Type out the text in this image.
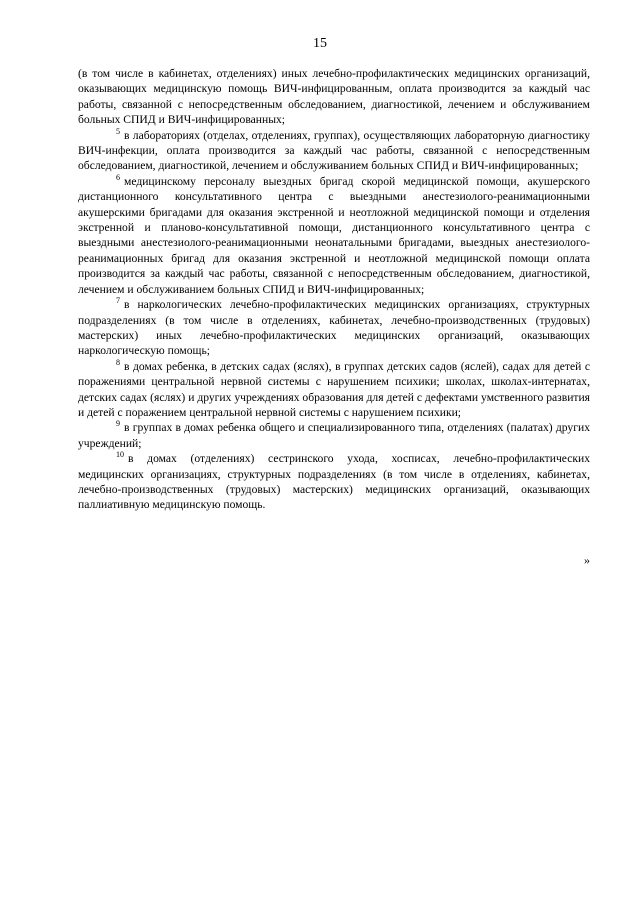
15

(в том числе в кабинетах, отделениях) иных лечебно-профилактических медицинских организаций, оказывающих медицинскую помощь ВИЧ-инфицированным, оплата производится за каждый час работы, связанной с непосредственным обследованием, диагностикой, лечением и обслуживанием больных СПИД и ВИЧ-инфицированных;

$^5$ в лабораториях (отделах, отделениях, группах), осуществляющих лабораторную диагностику ВИЧ-инфекции, оплата производится за каждый час работы, связанной с непосредственным обследованием, диагностикой, лечением и обслуживанием больных СПИД и ВИЧ-инфицированных;

$^6$ медицинскому персоналу выездных бригад скорой медицинской помощи, акушерского дистанционного консультативного центра с выездными анестезиолого-реанимационными акушерскими бригадами для оказания экстренной и неотложной медицинской помощи и отделения экстренной и планово-консультативной помощи, дистанционного консультативного центра с выездными анестезиолого-реанимационными неонатальными бригадами, выездных анестезиолого-реанимационных бригад для оказания экстренной и неотложной медицинской помощи оплата производится за каждый час работы, связанной с непосредственным обследованием, диагностикой, лечением и обслуживанием больных СПИД и ВИЧ-инфицированных;

$^7$ в наркологических лечебно-профилактических медицинских организациях, структурных подразделениях (в том числе в отделениях, кабинетах, лечебно-производственных (трудовых) мастерских) иных лечебно-профилактических медицинских организаций, оказывающих наркологическую помощь;

$^8$ в домах ребенка, в детских садах (яслях), в группах детских садов (яслей), садах для детей с поражениями центральной нервной системы с нарушением психики; школах, школах-интернатах, детских садах (яслях) и других учреждениях образования для детей с дефектами умственного развития и детей с поражением центральной нервной системы с нарушением психики;

$^9$ в группах в домах ребенка общего и специализированного типа, отделениях (палатах) других учреждений;

$^{10}$ в домах (отделениях) сестринского ухода, хосписах, лечебно-профилактических медицинских организациях, структурных подразделениях (в том числе в отделениях, кабинетах, лечебно-производственных (трудовых) мастерских) медицинских организаций, оказывающих паллиативную медицинскую помощь.

»
